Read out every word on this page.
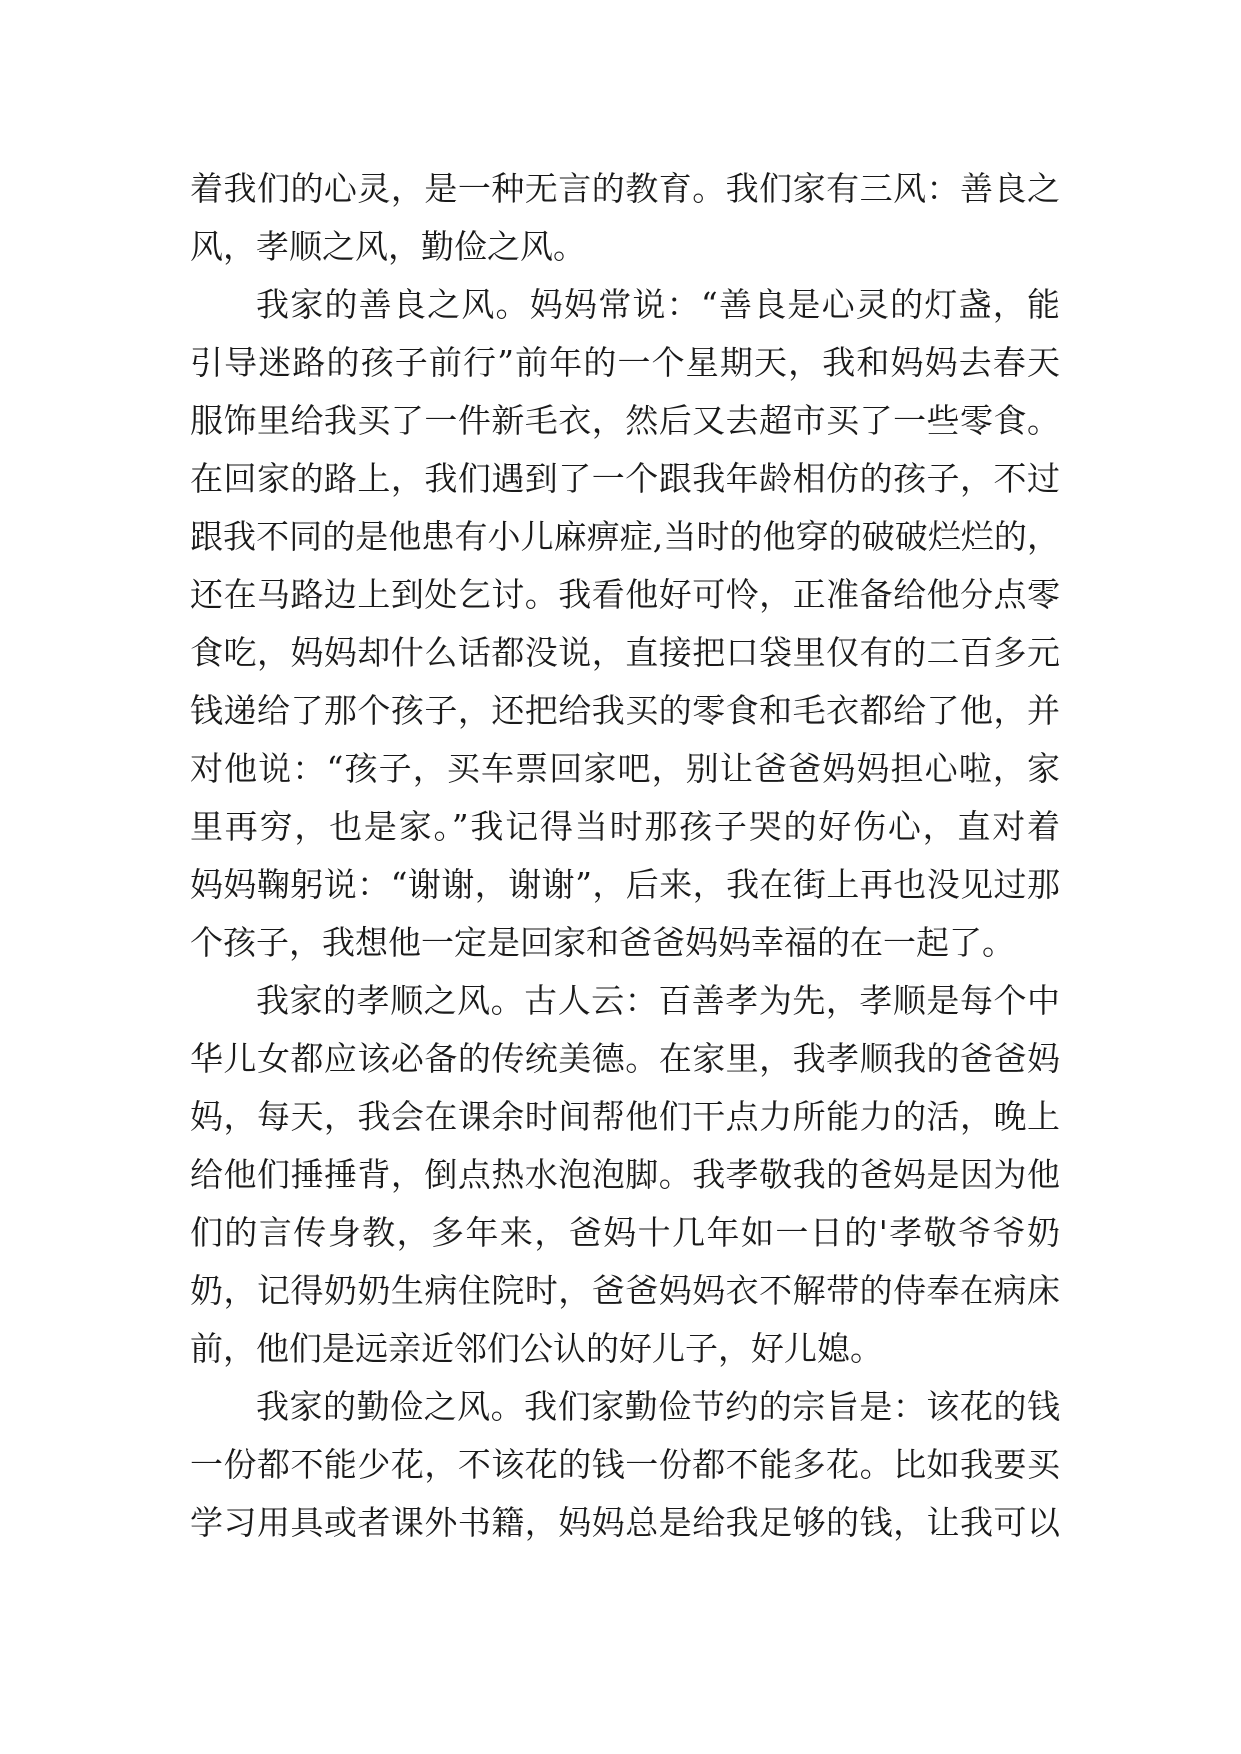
着我们的心灵，是一种无言的教育。我们家有三风：善良之
风，孝顺之风，勤俭之风。
我家的善良之风。妈妈常说：“善良是心灵的灯盏，能
引导迷路的孩子前行”前年的一个星期天，我和妈妈去春天
服饰里给我买了一件新毛衣，然后又去超市买了一些零食。
在回家的路上，我们遇到了一个跟我年龄相仿的孩子，不过
跟我不同的是他患有小儿麻痹症,当时的他穿的破破烂烂的，
还在马路边上到处乞讨。我看他好可怜，正准备给他分点零
食吃，妈妈却什么话都没说，直接把口袋里仅有的二百多元
钱递给了那个孩子，还把给我买的零食和毛衣都给了他，并
对他说：“孩子，买车票回家吧，别让爸爸妈妈担心啦，家
里再穷，也是家。”我记得当时那孩子哭的好伤心，直对着
妈妈鞠躬说：“谢谢，谢谢”，后来，我在街上再也没见过那
个孩子，我想他一定是回家和爸爸妈妈幸福的在一起了。
我家的孝顺之风。古人云：百善孝为先，孝顺是每个中
华儿女都应该必备的传统美德。在家里，我孝顺我的爸爸妈
妈，每天，我会在课余时间帮他们干点力所能力的活，晚上
给他们捶捶背，倒点热水泡泡脚。我孝敬我的爸妈是因为他
们的言传身教，多年来，爸妈十几年如一日的'孝敬爷爷奶
奶，记得奶奶生病住院时，爸爸妈妈衣不解带的侍奉在病床
前，他们是远亲近邻们公认的好儿子，好儿媳。
我家的勤俭之风。我们家勤俭节约的宗旨是：该花的钱
一份都不能少花，不该花的钱一份都不能多花。比如我要买
学习用具或者课外书籍，妈妈总是给我足够的钱，让我可以
